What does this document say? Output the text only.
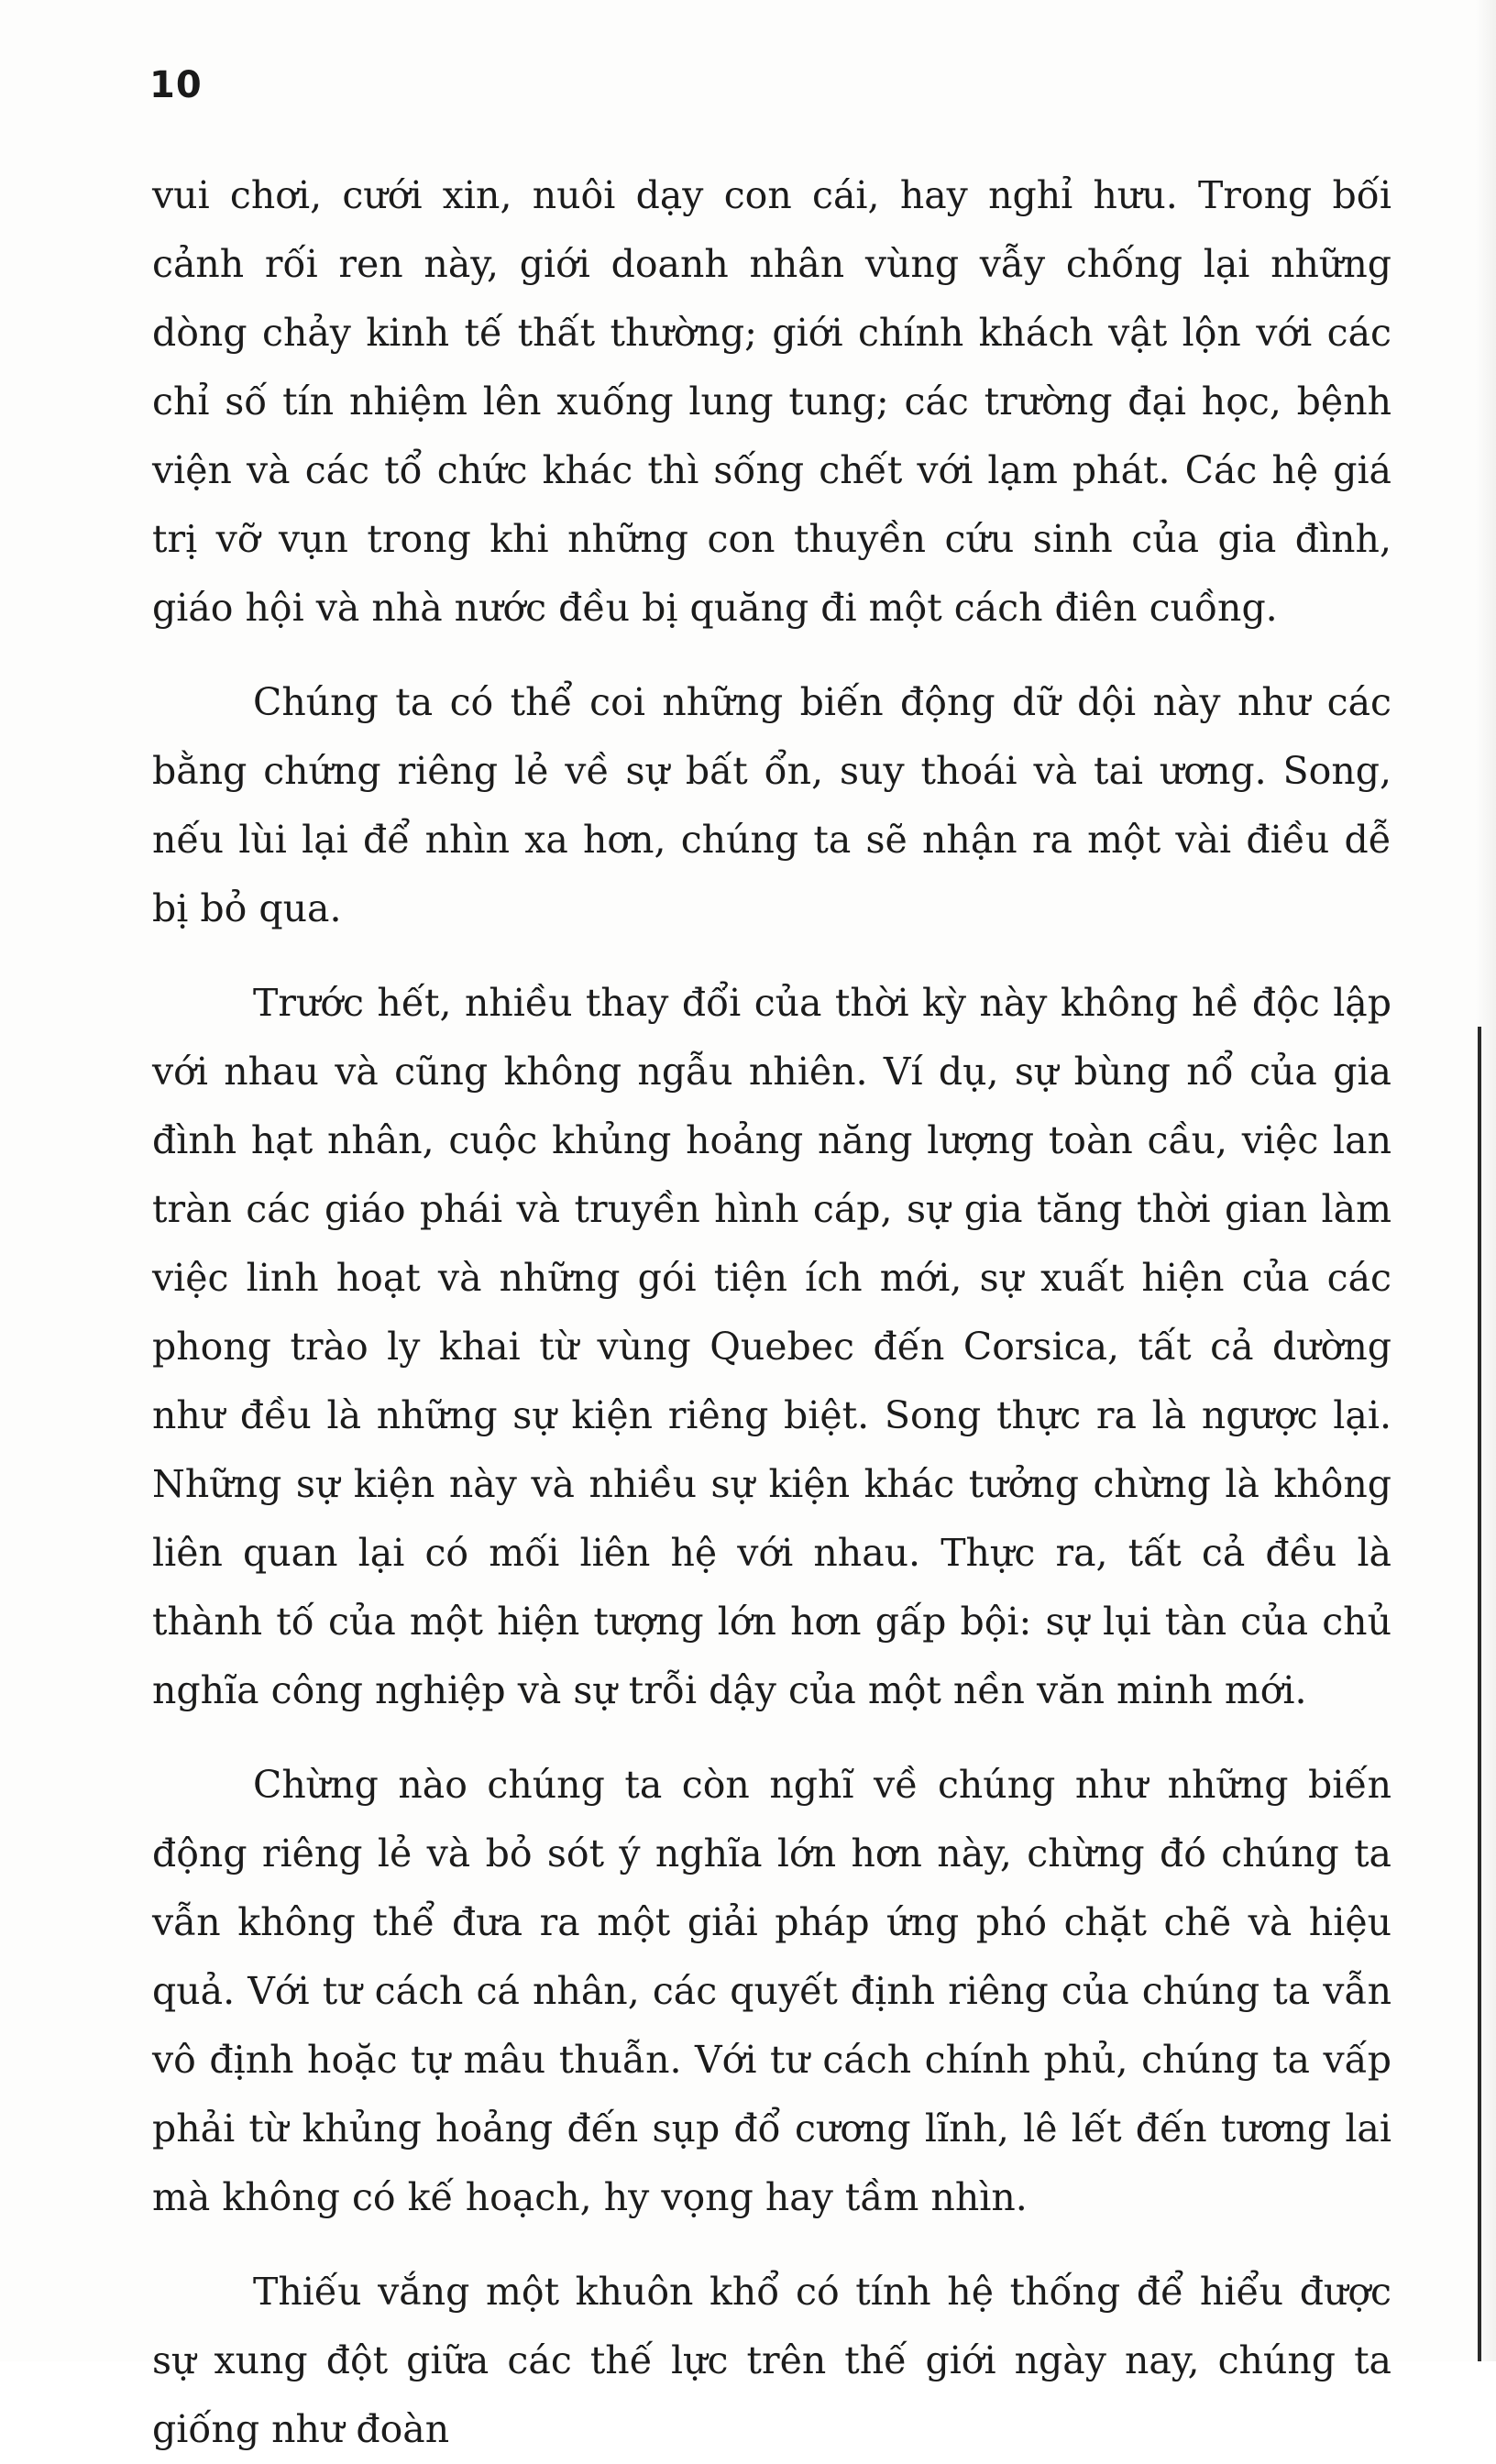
10

vui chơi, cưới xin, nuôi dạy con cái, hay nghỉ hưu. Trong bối cảnh rối ren này, giới doanh nhân vùng vẫy chống lại những dòng chảy kinh tế thất thường; giới chính khách vật lộn với các chỉ số tín nhiệm lên xuống lung tung; các trường đại học, bệnh viện và các tổ chức khác thì sống chết với lạm phát. Các hệ giá trị vỡ vụn trong khi những con thuyền cứu sinh của gia đình, giáo hội và nhà nước đều bị quăng đi một cách điên cuồng.

Chúng ta có thể coi những biến động dữ dội này như các bằng chứng riêng lẻ về sự bất ổn, suy thoái và tai ương. Song, nếu lùi lại để nhìn xa hơn, chúng ta sẽ nhận ra một vài điều dễ bị bỏ qua.

Trước hết, nhiều thay đổi của thời kỳ này không hề độc lập với nhau và cũng không ngẫu nhiên. Ví dụ, sự bùng nổ của gia đình hạt nhân, cuộc khủng hoảng năng lượng toàn cầu, việc lan tràn các giáo phái và truyền hình cáp, sự gia tăng thời gian làm việc linh hoạt và những gói tiện ích mới, sự xuất hiện của các phong trào ly khai từ vùng Quebec đến Corsica, tất cả dường như đều là những sự kiện riêng biệt. Song thực ra là ngược lại. Những sự kiện này và nhiều sự kiện khác tưởng chừng là không liên quan lại có mối liên hệ với nhau. Thực ra, tất cả đều là thành tố của một hiện tượng lớn hơn gấp bội: sự lụi tàn của chủ nghĩa công nghiệp và sự trỗi dậy của một nền văn minh mới.

Chừng nào chúng ta còn nghĩ về chúng như những biến động riêng lẻ và bỏ sót ý nghĩa lớn hơn này, chừng đó chúng ta vẫn không thể đưa ra một giải pháp ứng phó chặt chẽ và hiệu quả. Với tư cách cá nhân, các quyết định riêng của chúng ta vẫn vô định hoặc tự mâu thuẫn. Với tư cách chính phủ, chúng ta vấp phải từ khủng hoảng đến sụp đổ cương lĩnh, lê lết đến tương lai mà không có kế hoạch, hy vọng hay tầm nhìn.

Thiếu vắng một khuôn khổ có tính hệ thống để hiểu được sự xung đột giữa các thế lực trên thế giới ngày nay, chúng ta giống như đoàn
